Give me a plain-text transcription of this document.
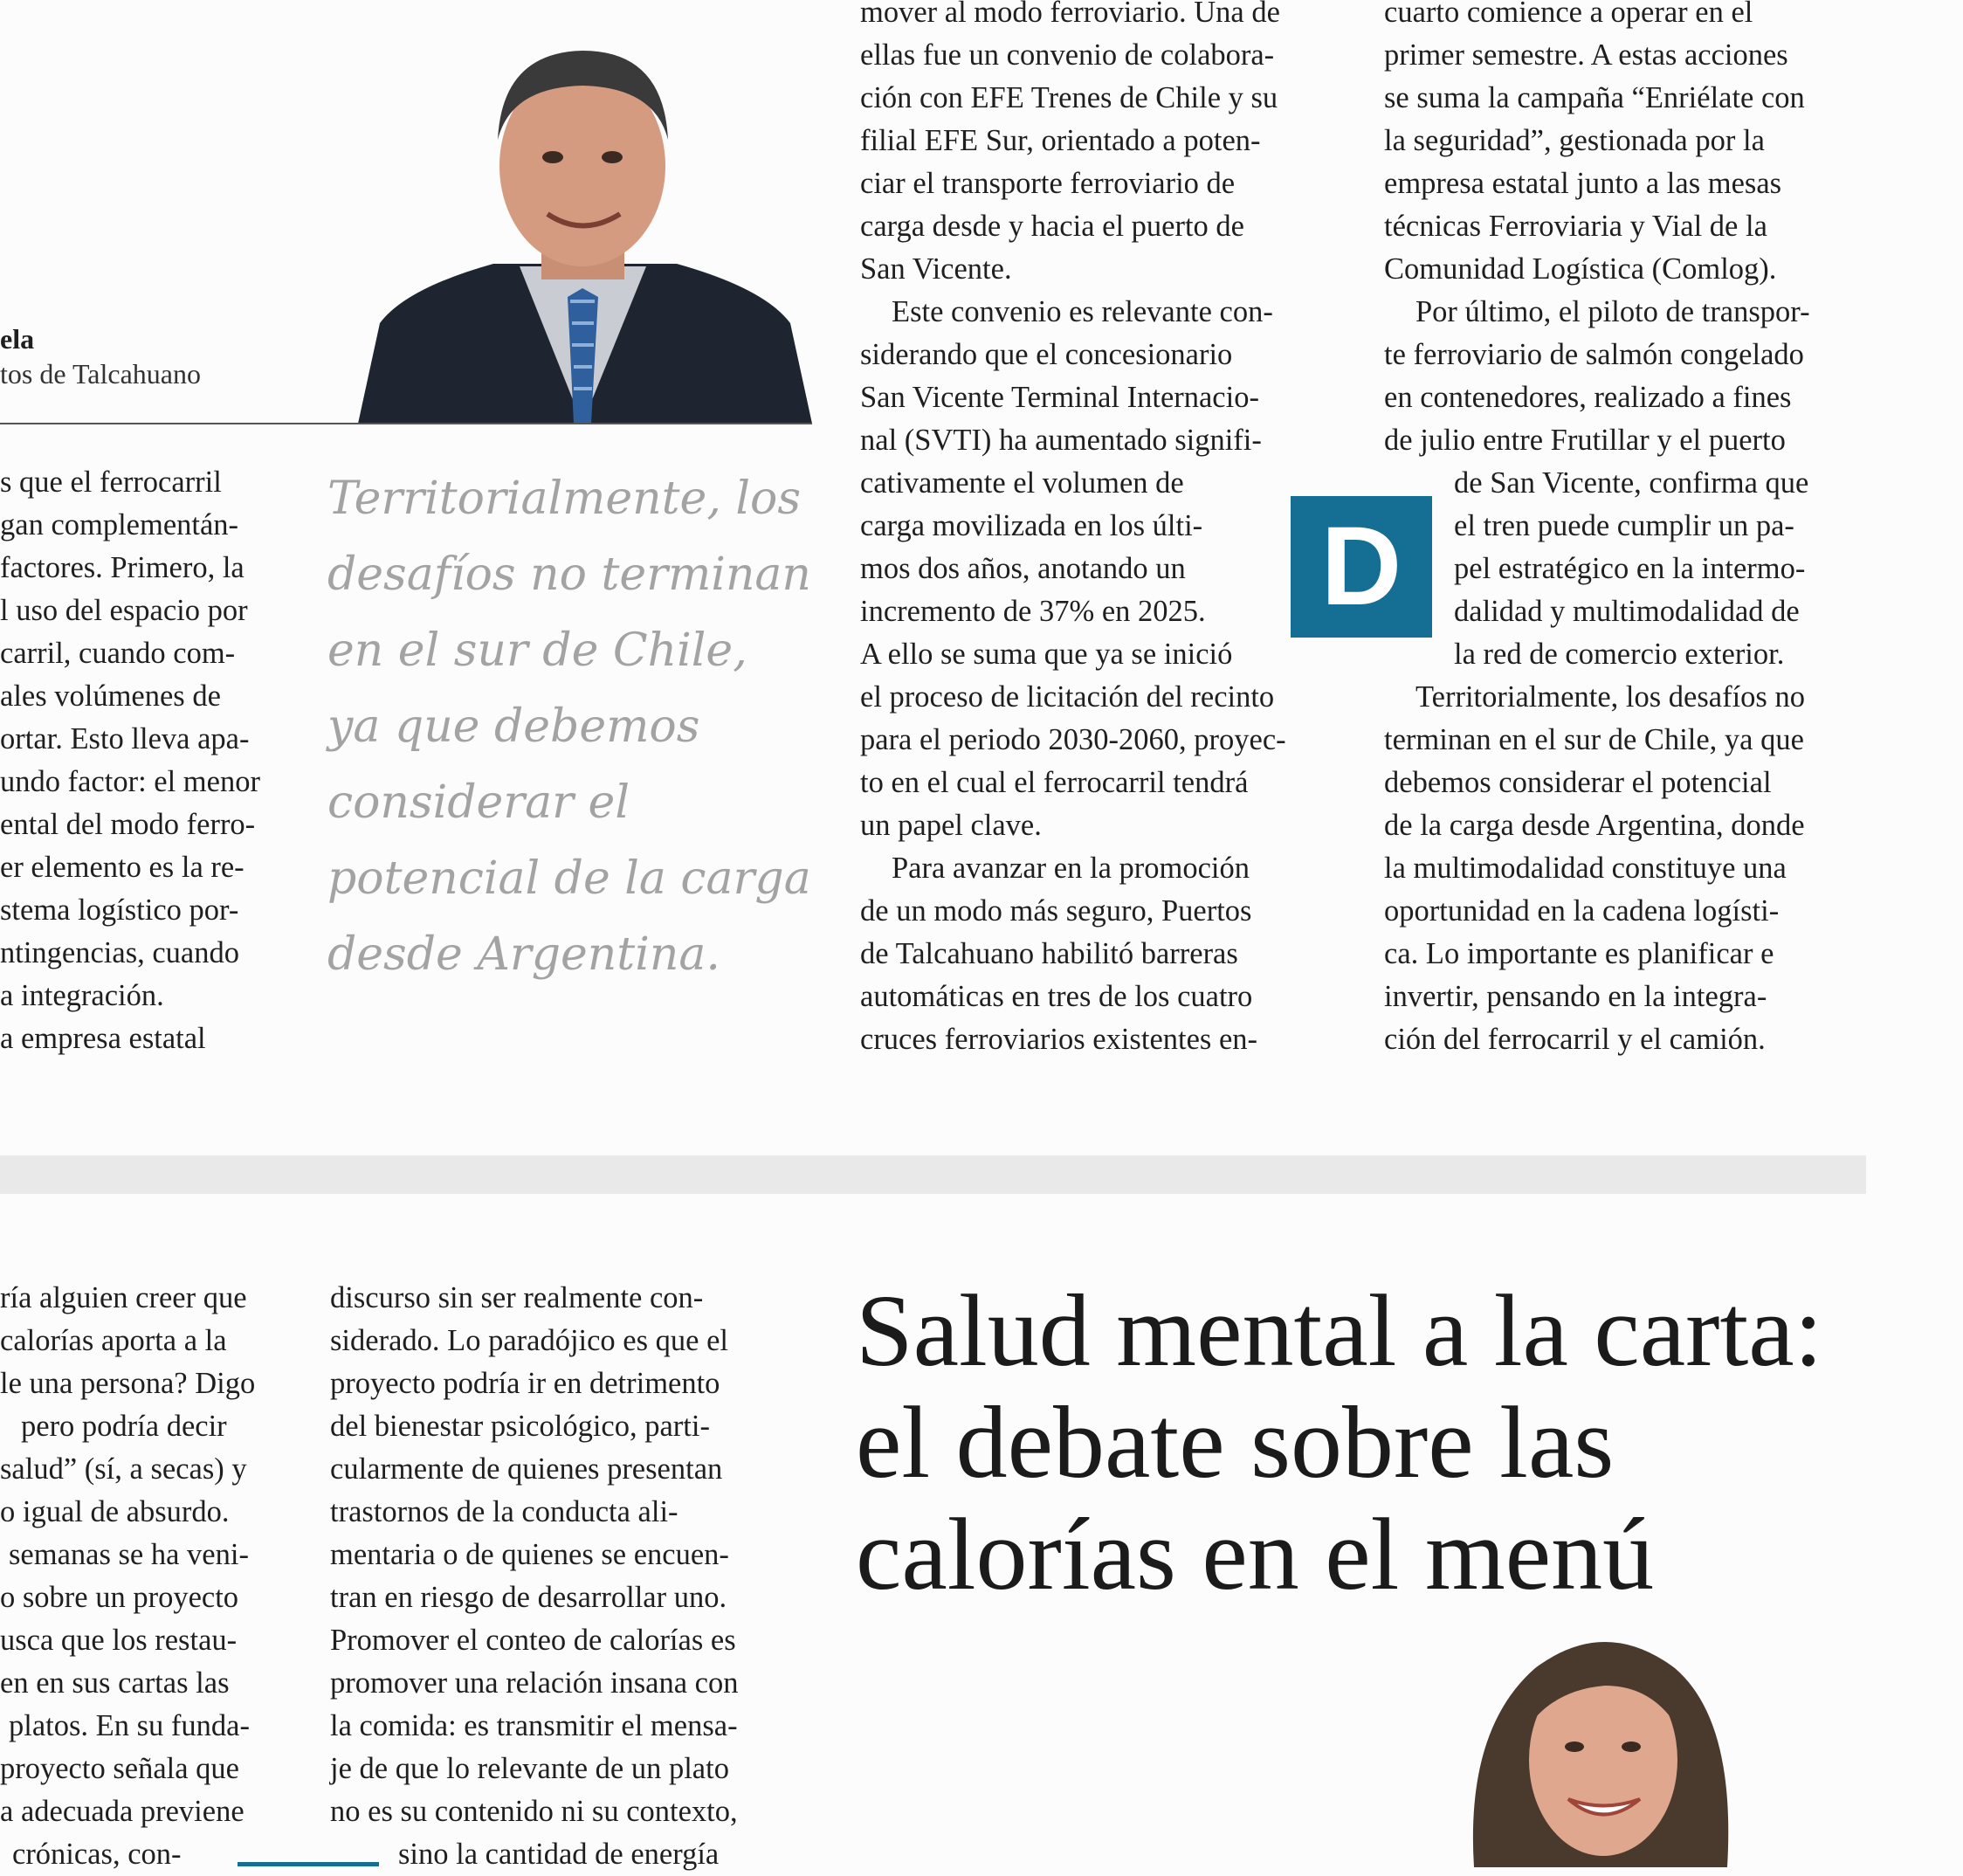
ela
tos de Talcahuano

s que el ferrocarril

gan complementán-

factores. Primero, la

l uso del espacio por

carril, cuando com-

ales volúmenes de

ortar. Esto lleva apa-

undo factor: el menor

ental del modo ferro-

er elemento es la re-

stema logístico por-

ntingencias, cuando

a integración.

a empresa estatal

Territorialmente, los
desafíos no terminan
en el sur de Chile,
ya que debemos
considerar el
potencial de la carga
desde Argentina.

mover al modo ferroviario. Una de

ellas fue un convenio de colabora-

ción con EFE Trenes de Chile y su

filial EFE Sur, orientado a poten-

ciar el transporte ferroviario de

carga desde y hacia el puerto de

San Vicente.

Este convenio es relevante con-

siderando que el concesionario

San Vicente Terminal Internacio-

nal (SVTI) ha aumentado signifi-

cativamente el volumen de

carga movilizada en los últi-

mos dos años, anotando un

incremento de 37% en 2025.

A ello se suma que ya se inició

el proceso de licitación del recinto

para el periodo 2030-2060, proyec-

to en el cual el ferrocarril tendrá

un papel clave.

Para avanzar en la promoción

de un modo más seguro, Puertos

de Talcahuano habilitó barreras

automáticas en tres de los cuatro

cruces ferroviarios existentes en-

D

cuarto comience a operar en el

primer semestre. A estas acciones

se suma la campaña “Enriélate con

la seguridad”, gestionada por la

empresa estatal junto a las mesas

técnicas Ferroviaria y Vial de la

Comunidad Logística (Comlog).

Por último, el piloto de transpor-

te ferroviario de salmón congelado

en contenedores, realizado a fines

de julio entre Frutillar y el puerto

de San Vicente, confirma que

el tren puede cumplir un pa-

pel estratégico en la intermo-

dalidad y multimodalidad de

la red de comercio exterior.

Territorialmente, los desafíos no

terminan en el sur de Chile, ya que

debemos considerar el potencial

de la carga desde Argentina, donde

la multimodalidad constituye una

oportunidad en la cadena logísti-

ca. Lo importante es planificar e

invertir, pensando en la integra-

ción del ferrocarril y el camión.

ría alguien creer que

calorías aporta a la

le una persona? Digo

pero podría decir

salud” (sí, a secas) y

o igual de absurdo.

semanas se ha veni-

o sobre un proyecto

usca que los restau-

en en sus cartas las

platos. En su funda-

proyecto señala que

a adecuada previene

crónicas, con-

discurso sin ser realmente con-

siderado. Lo paradójico es que el

proyecto podría ir en detrimento

del bienestar psicológico, parti-

cularmente de quienes presentan

trastornos de la conducta ali-

mentaria o de quienes se encuen-

tran en riesgo de desarrollar uno.

Promover el conteo de calorías es

promover una relación insana con

la comida: es transmitir el mensa-

je de que lo relevante de un plato

no es su contenido ni su contexto,

sino la cantidad de energía

Salud mental a la carta:
el debate sobre las
calorías en el menú
